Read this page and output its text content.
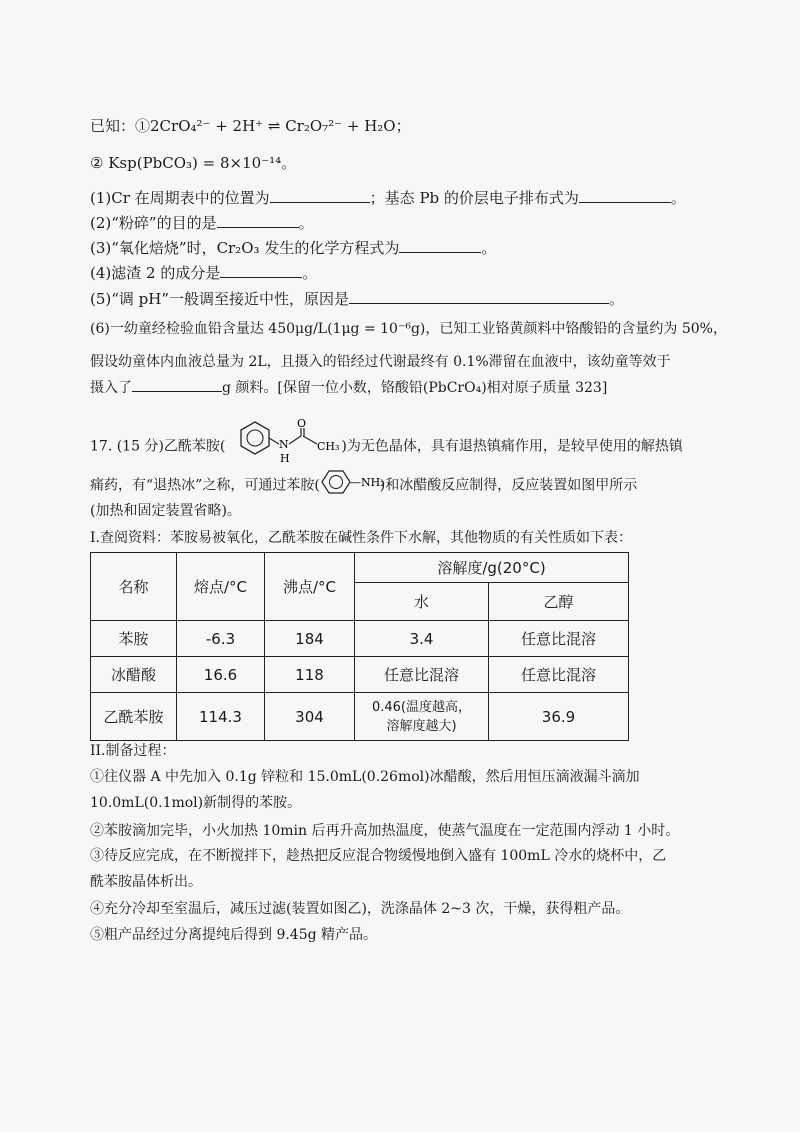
已知：①2CrO₄²⁻ + 2H⁺ ⇌ Cr₂O₇²⁻ + H₂O；
② Ksp(PbCO₃) = 8×10⁻¹⁴。
(1)Cr 在周期表中的位置为	；基态 Pb 的价层电子排布式为	。
(2)“粉碎”的目的是	。
(3)“氧化焙烧”时，Cr₂O₃ 发生的化学方程式为	。
(4)滤渣 2 的成分是	。
(5)“调 pH”一般调至接近中性，原因是	。
(6)一幼童经检验血铅含量达 450μg/L(1μg = 10⁻⁶g)，已知工业铬黄颜料中铬酸铅的含量约为 50%，
假设幼童体内血液总量为 2L，且摄入的铅经过代谢最终有 0.1%滞留在血液中，该幼童等效于
摄入了	g 颜料。[保留一位小数，铬酸铅(PbCrO₄)相对原子质量 323]
17. (15 分)乙酰苯胺(
O
N
H
CH₃ )为无色晶体，具有退热镇痛作用，是较早使用的解热镇
痛药，有“退热冰”之称，可通过苯胺(	—NH₂
)和冰醋酸反应制得，反应装置如图甲所示
(加热和固定装置省略)。
I.查阅资料：苯胺易被氧化，乙酰苯胺在碱性条件下水解，其他物质的有关性质如下表：
名称	熔点/°C	沸点/°C	溶解度/g(20°C)	
			水	乙醇
苯胺	-6.3	184	3.4	任意比混溶
冰醋酸	16.6	118	任意比混溶	任意比混溶
乙酰苯胺	114.3	304	0.46(温度越高，
溶解度越大)	36.9
II.制备过程：
①往仪器 A 中先加入 0.1g 锌粒和 15.0mL(0.26mol)冰醋酸，然后用恒压滴液漏斗滴加
10.0mL(0.1mol)新制得的苯胺。
②苯胺滴加完毕，小火加热 10min 后再升高加热温度，使蒸气温度在一定范围内浮动 1 小时。
③待反应完成，在不断搅拌下，趁热把反应混合物缓慢地倒入盛有 100mL 冷水的烧杯中，乙
酰苯胺晶体析出。
④充分冷却至室温后，减压过滤(装置如图乙)，洗涤晶体 2~3 次，干燥，获得粗产品。
⑤粗产品经过分离提纯后得到 9.45g 精产品。
